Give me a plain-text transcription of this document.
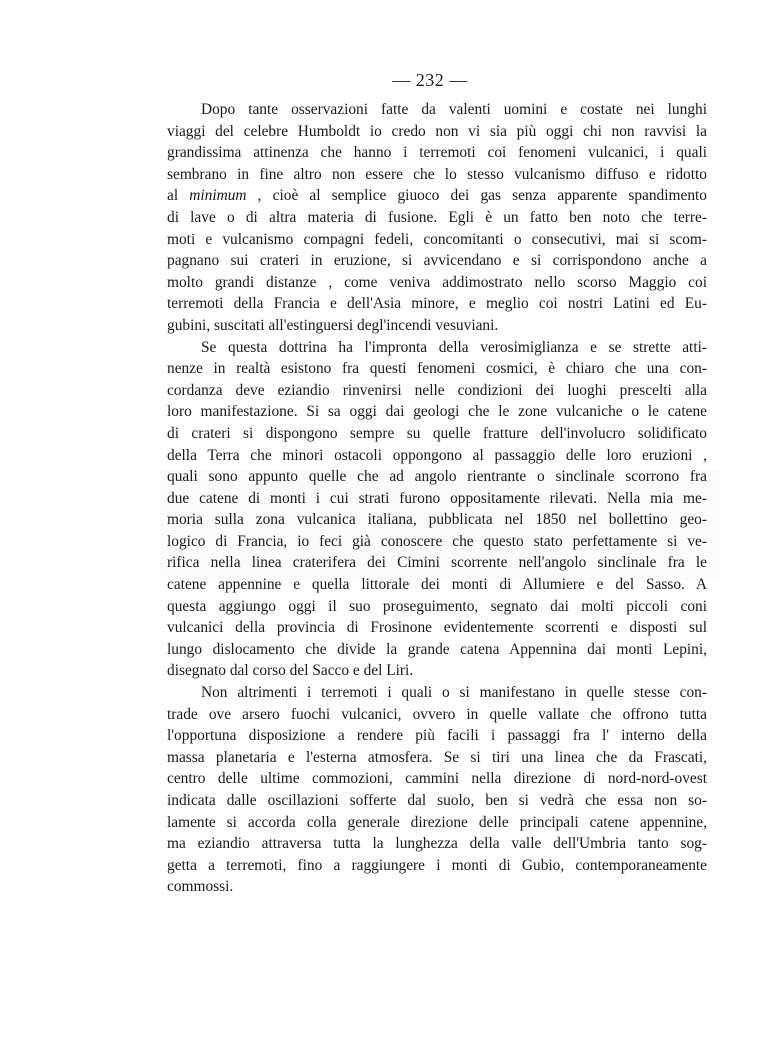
— 232 —
Dopo tante osservazioni fatte da valenti uomini e costate nei lunghi
viaggi del celebre Humboldt io credo non vi sia più oggi chi non ravvisi la
grandissima attinenza che hanno i terremoti coi fenomeni vulcanici, i quali
sembrano in fine altro non essere che lo stesso vulcanismo diffuso e ridotto
al minimum , cioè al semplice giuoco dei gas senza apparente spandimento
di lave o di altra materia di fusione. Egli è un fatto ben noto che terre-
moti e vulcanismo compagni fedeli, concomitanti o consecutivi, mai si scom-
pagnano sui crateri in eruzione, si avvicendano e si corrispondono anche a
molto grandi distanze , come veniva addimostrato nello scorso Maggio coi
terremoti della Francia e dell'Asia minore, e meglio coi nostri Latini ed Eu-
gubini, suscitati all'estinguersi degl'incendi vesuviani.
Se questa dottrina ha l'impronta della verosimiglianza e se strette atti-
nenze in realtà esistono fra questi fenomeni cosmici, è chiaro che una con-
cordanza deve eziandio rinvenirsi nelle condizioni dei luoghi prescelti alla
loro manifestazione. Si sa oggi dai geologi che le zone vulcaniche o le catene
di crateri si dispongono sempre su quelle fratture dell'involucro solidificato
della Terra che minori ostacoli oppongono al passaggio delle loro eruzioni ,
quali sono appunto quelle che ad angolo rientrante o sinclinale scorrono fra
due catene di monti i cui strati furono oppositamente rilevati. Nella mia me-
moria sulla zona vulcanica italiana, pubblicata nel 1850 nel bollettino geo-
logico di Francia, io feci già conoscere che questo stato perfettamente si ve-
rifica nella linea craterifera dei Cimini scorrente nell'angolo sinclinale fra le
catene appennine e quella littorale dei monti di Allumiere e del Sasso. A
questa aggiungo oggi il suo proseguimento, segnato dai molti piccoli coni
vulcanici della provincia di Frosinone evidentemente scorrenti e disposti sul
lungo dislocamento che divide la grande catena Appennina dai monti Lepini,
disegnato dal corso del Sacco e del Liri.
Non altrimenti i terremoti i quali o si manifestano in quelle stesse con-
trade ove arsero fuochi vulcanici, ovvero in quelle vallate che offrono tutta
l'opportuna disposizione a rendere più facili i passaggi fra l' interno della
massa planetaria e l'esterna atmosfera. Se si tiri una linea che da Frascati,
centro delle ultime commozioni, cammini nella direzione di nord-nord-ovest
indicata dalle oscillazioni sofferte dal suolo, ben si vedrà che essa non so-
lamente si accorda colla generale direzione delle principali catene appennine,
ma eziandio attraversa tutta la lunghezza della valle dell'Umbria tanto sog-
getta a terremoti, fino a raggiungere i monti di Gubio, contemporaneamente
commossi.
